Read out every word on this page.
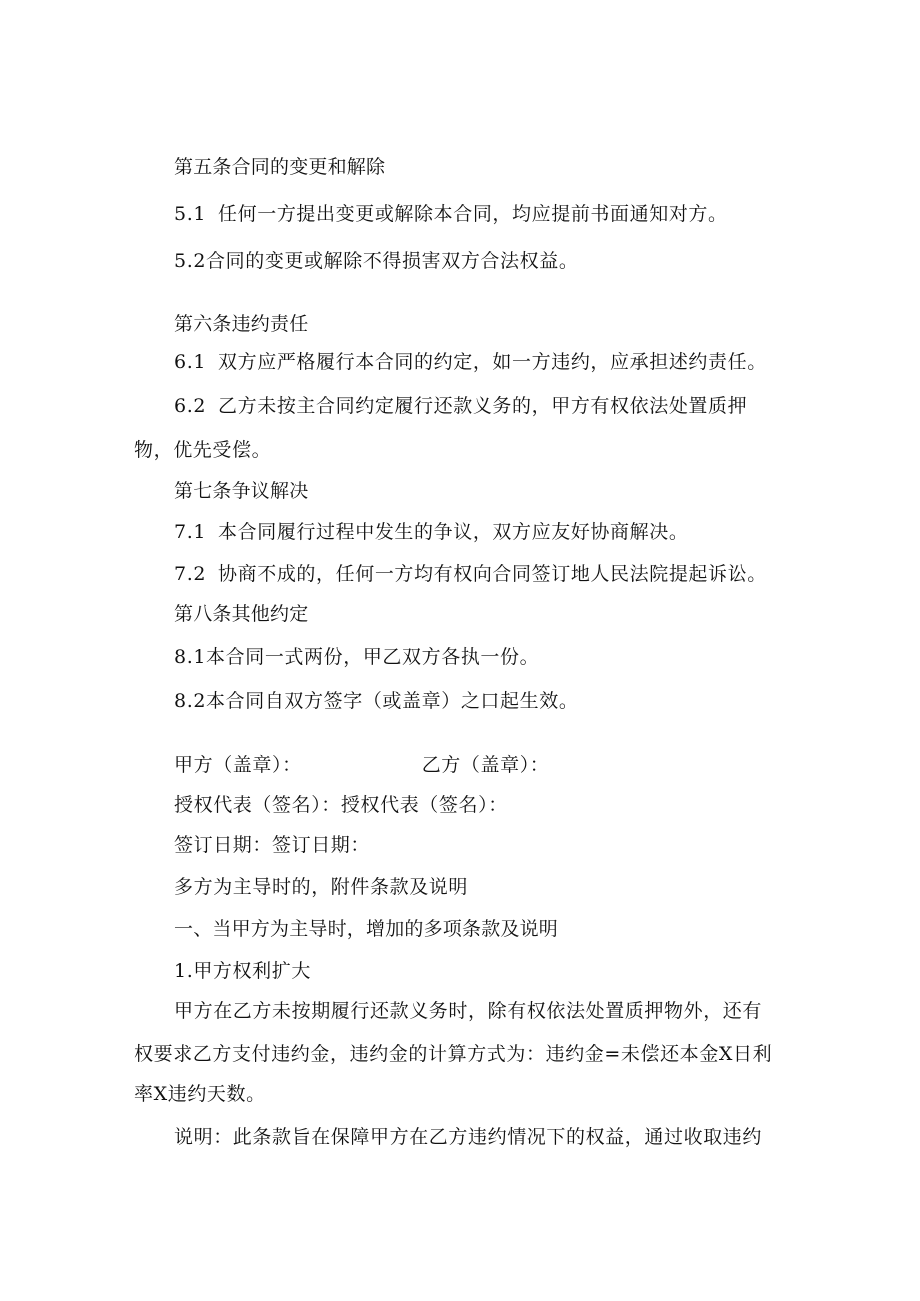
第五条合同的变更和解除
5.1 任何一方提出变更或解除本合同，均应提前书面通知对方。
5.2合同的变更或解除不得损害双方合法权益。
第六条违约责任
6.1 双方应严格履行本合同的约定，如一方违约，应承担述约责任。
6.2 乙方未按主合同约定履行还款义务的，甲方有权依法处置质押
物，优先受偿。
第七条争议解决
7.1 本合同履行过程中发生的争议，双方应友好协商解决。
7.2 协商不成的，任何一方均有权向合同签订地人民法院提起诉讼。
第八条其他约定
8.1本合同一式两份，甲乙双方各执一份。
8.2本合同自双方签字（或盖章）之口起生效。
甲方（盖章）：	乙方（盖章）：
授权代表（签名）：授权代表（签名）：
签订日期：签订日期：
多方为主导时的，附件条款及说明
一、当甲方为主导时，增加的多项条款及说明
1.甲方权利扩大
甲方在乙方未按期履行还款义务时，除有权依法处置质押物外，还有
权要求乙方支付违约金，违约金的计算方式为：违约金=未偿还本金X日利
率X违约天数。
说明：此条款旨在保障甲方在乙方违约情况下的权益，通过收取违约
